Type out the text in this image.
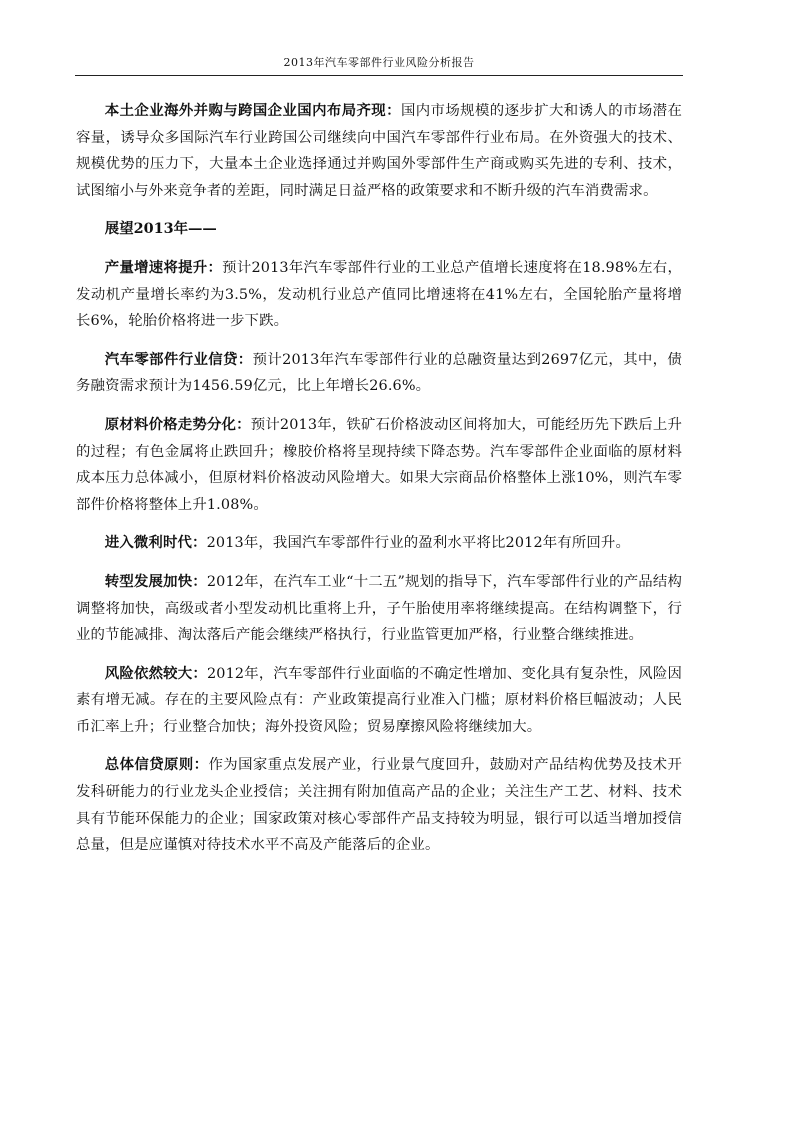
2013年汽车零部件行业风险分析报告

本土企业海外并购与跨国企业国内布局齐现：国内市场规模的逐步扩大和诱人的市场潜在容量，诱导众多国际汽车行业跨国公司继续向中国汽车零部件行业布局。在外资强大的技术、规模优势的压力下，大量本土企业选择通过并购国外零部件生产商或购买先进的专利、技术，试图缩小与外来竞争者的差距，同时满足日益严格的政策要求和不断升级的汽车消费需求。

展望2013年——

产量增速将提升：预计2013年汽车零部件行业的工业总产值增长速度将在18.98%左右，发动机产量增长率约为3.5%，发动机行业总产值同比增速将在41%左右，全国轮胎产量将增长6%，轮胎价格将进一步下跌。

汽车零部件行业信贷：预计2013年汽车零部件行业的总融资量达到2697亿元，其中，债务融资需求预计为1456.59亿元，比上年增长26.6%。

原材料价格走势分化：预计2013年，铁矿石价格波动区间将加大，可能经历先下跌后上升的过程；有色金属将止跌回升；橡胶价格将呈现持续下降态势。汽车零部件企业面临的原材料成本压力总体减小，但原材料价格波动风险增大。如果大宗商品价格整体上涨10%，则汽车零部件价格将整体上升1.08%。

进入微利时代：2013年，我国汽车零部件行业的盈利水平将比2012年有所回升。

转型发展加快：2012年，在汽车工业“十二五”规划的指导下，汽车零部件行业的产品结构调整将加快，高级或者小型发动机比重将上升，子午胎使用率将继续提高。在结构调整下，行业的节能减排、淘汰落后产能会继续严格执行，行业监管更加严格，行业整合继续推进。

风险依然较大：2012年，汽车零部件行业面临的不确定性增加、变化具有复杂性，风险因素有增无减。存在的主要风险点有：产业政策提高行业准入门槛；原材料价格巨幅波动；人民币汇率上升；行业整合加快；海外投资风险；贸易摩擦风险将继续加大。

总体信贷原则：作为国家重点发展产业，行业景气度回升，鼓励对产品结构优势及技术开发科研能力的行业龙头企业授信；关注拥有附加值高产品的企业；关注生产工艺、材料、技术具有节能环保能力的企业；国家政策对核心零部件产品支持较为明显，银行可以适当增加授信总量，但是应谨慎对待技术水平不高及产能落后的企业。
